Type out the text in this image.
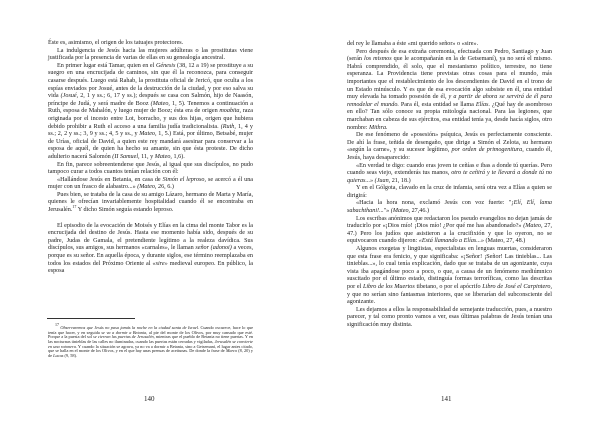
Éste es, asimismo, el origen de los tatuajes protectores.

La indulgencia de Jesús hacia las mujeres adúlteras o las prostitutas viene justificada por la presencia de varias de ellas en su genealogía ancestral.

En primer lugar está Tamar, quien en el Génesis (38, 12 a 19) se prostituye a su suegro en una encrucijada de caminos, sin que él la reconozca, para conseguir casarse después. Luego está Rahab, la prostituta oficial de Jericó, que oculta a los espías enviados por Josué, antes de la destrucción de la ciudad, y por eso salva su vida (Josué, 2, 1 y ss.; 6, 17 y ss.); después se casa con Salmón, hijo de Naasón, príncipe de Judá, y será madre de Booz (Mateo, 1, 5). Tenemos a continuación a Ruth, esposa de Mahalón, y luego mujer de Booz; ésta era de origen moabita, raza originada por el incesto entre Lot, borracho, y sus dos hijas, origen que hubiera debido prohibir a Ruth el acceso a una familia judía tradicionalista. (Ruth, 1, 4 y ss.; 2, 2 y ss.; 3, 9 y ss.; 4, 5 y ss., y Mateo, 1, 5.) Está, por último, Betsabé, mujer de Urías, oficial de David, a quien este rey mandará asesinar para conservar a la esposa de aquél, de quien ha hecho su amante, sin que ésta proteste. De dicho adulterio nacerá Salomón (II Samuel, 11, y Mateo, 1,6).

En fin, parece sobreentenderse que Jesús, al igual que sus discípulos, no pudo tampoco curar a todos cuantos tenían relación con él:

«Hallándose Jesús en Betania, en casa de Simón el leproso, se acercó a él una mujer con un frasco de alabastro...» (Mateo, 26, 6.)

Pues bien, se trataba de la casa de su amigo Lázaro, hermano de Marta y María, quienes le ofrecían invariablemente hospitalidad cuando él se encontraba en Jerusalén.$^{17}$ Y dicho Simón seguía estando leproso.

El episodio de la evocación de Moisés y Elías en la cima del monte Tabor es la encrucijada del destino de Jesús. Hasta ese momento había sido, después de su padre, Judas de Gamala, el pretendiente legítimo a la realeza davídica. Sus discípulos, sus amigos, sus hermanos «carnales», le llaman señor (adonoi) a veces, porque es su señor. En aquella época, y durante siglos, ese término reemplazaba en todos los estados del Próximo Oriente al «sire» medieval europeo. En público, la esposa

$^{17}$ Observaremos que Jesús no pasa jamás la noche en la ciudad santa de Israel. Cuando oscurece, hace lo que tenía que hacer, y en seguida se va a dormir a Betania, al pie del monte de los Olivos, por muy cansado que esté. Porque a la puesta del sol se cierran las puertas de Jerusalén, mientras que el pueblo de Betania no tiene puertas. Y en las nocturnas tinieblas de las calles no iluminadas, cuando las puertas están cerradas y vigiladas, Jerusalén se convierte en una ratonera. Y cuando la situación se agrava, ya no va a dormir a Betania, sino a Getsemaní, el lugar antes citado, que se halla en el monte de los Olivos, y en el que hay unas prensas de aceitunas. De donde la frase de Marco (8, 20) y de Lucas (9, 58).

140

del rey le llamaba a éste «mi querido señor» o «sire».

Pero después de esa extraña ceremonia, efectuada con Pedro, Santiago y Juan (serán los mismos que le acompañarán en la de Getsemaní), ya no será el mismo. Habrá comprendido, él solo, que el mesianismo político, terrestre, no tiene esperanza. La Providencia tiene previstas otras cosas para el mundo, más importantes que el restablecimiento de los descendientes de David en el trono de un Estado minúsculo. Y es que de esa evocación algo subsiste en él, una entidad muy elevada ha tomado posesión de él, y a partir de ahora se servirá de él para remodelar el mundo. Para él, esta entidad se llama Elías. ¿Qué hay de asombroso en ello? Tan sólo conoce su propia mitología nacional. Para las legiones, que marchaban en cabeza de sus ejércitos, esa entidad tenía ya, desde hacía siglos, otro nombre: Mithra.

De ese fenómeno de «posesión» psíquica, Jesús es perfectamente consciente. De ahí la frase, teñida de desengaño, que dirige a Simón el Zelota, su hermano «según la carne», y su sucesor legítimo, por orden de primogenitura, cuando él, Jesús, haya desaparecido:

«En verdad te digo: cuando eras joven te ceñías e ibas a donde tú querías. Pero cuando seas viejo, extenderás tus manos, otro te ceñirá y te llevará a donde tú no quieras...» (Juan, 21, 18.)

Y en el Gólgota, clavado en la cruz de infamia, será otra vez a Elías a quien se dirigirá:

«Hacia la hora nona, exclamó Jesús con voz fuerte: "¡Elí, Elí, lama sabachthani!..."» (Mateo, 27,46.)

Los escribas anónimos que redactaron los pseudo evangelios no dejan jamás de traducirlo por «¡Dios mío! ¡Dios mío! ¿Por qué me has abandonado?» (Mateo, 27, 47.) Pero los judíos que asistieron a la crucifixión y que lo oyeron, no se equivocaron cuando dijeron: «Está llamando a Elías...» (Mateo, 27, 48.)

Algunos exegetas y lingüistas, especialistas en lenguas muertas, consideraron que esta frase era fenicio, y que significaba: «¡Señor! ¡Señor! Las tinieblas... Las tinieblas...», lo cual tenía explicación, dado que se trataba de un agonizante, cuya vista iba apagándose poco a poco, o que, a causa de un fenómeno mediúmnico suscitado por el último estado, distinguía formas terroríficas, como las descritas por el Libro de los Muertos tibetano, o por el apócrifo Libro de José el Carpintero, y que no serían sino fantasmas interiores, que se liberarían del subconsciente del agonizante.

Les dejamos a ellos la responsabilidad de semejante traducción, pues, a nuestro parecer, y tal como pronto vamos a ver, esas últimas palabras de Jesús tenían una significación muy distinta.

141
